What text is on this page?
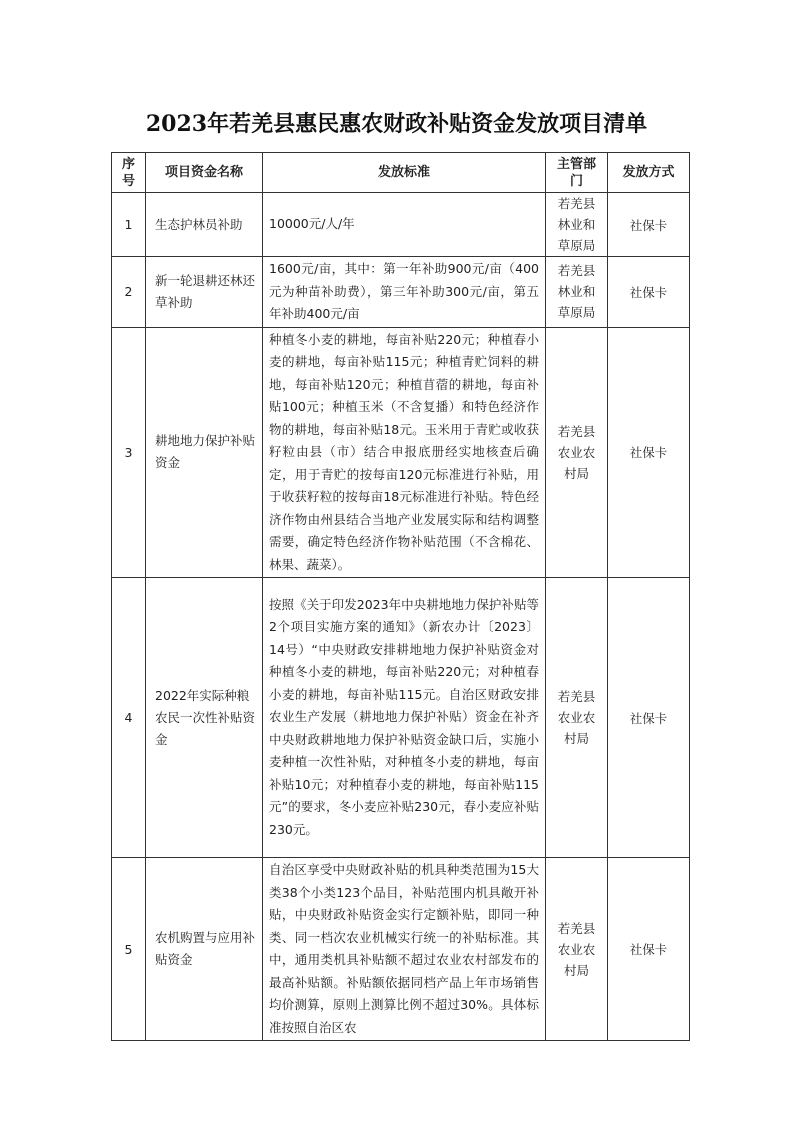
2023年若羌县惠民惠农财政补贴资金发放项目清单
序号	项目资金名称	发放标准	主管部门	发放方式
1	生态护林员补助	10000元/人/年	若羌县林业和草原局	社保卡
2	新一轮退耕还林还草补助	1600元/亩，其中：第一年补助900元/亩（400元为种苗补助费），第三年补助300元/亩，第五年补助400元/亩	若羌县林业和草原局	社保卡
3	耕地地力保护补贴资金	种植冬小麦的耕地，每亩补贴220元；种植春小麦的耕地，每亩补贴115元；种植青贮饲料的耕地，每亩补贴120元；种植苜蓿的耕地，每亩补贴100元；种植玉米（不含复播）和特色经济作物的耕地，每亩补贴18元。玉米用于青贮或收获籽粒由县（市）结合申报底册经实地核查后确定，用于青贮的按每亩120元标准进行补贴，用于收获籽粒的按每亩18元标准进行补贴。特色经济作物由州县结合当地产业发展实际和结构调整需要，确定特色经济作物补贴范围（不含棉花、林果、蔬菜）。	若羌县农业农村局	社保卡
4	2022年实际种粮农民一次性补贴资金	按照《关于印发2023年中央耕地地力保护补贴等2个项目实施方案的通知》（新农办计〔2023〕14号）“中央财政安排耕地地力保护补贴资金对种植冬小麦的耕地，每亩补贴220元；对种植春小麦的耕地，每亩补贴115元。自治区财政安排农业生产发展（耕地地力保护补贴）资金在补齐中央财政耕地地力保护补贴资金缺口后，实施小麦种植一次性补贴，对种植冬小麦的耕地，每亩补贴10元；对种植春小麦的耕地，每亩补贴115元”的要求，冬小麦应补贴230元，春小麦应补贴230元。	若羌县农业农村局	社保卡
5	农机购置与应用补贴资金	自治区享受中央财政补贴的机具种类范围为15大类38个小类123个品目，补贴范围内机具敞开补贴，中央财政补贴资金实行定额补贴，即同一种类、同一档次农业机械实行统一的补贴标准。其中，通用类机具补贴额不超过农业农村部发布的最高补贴额。补贴额依据同档产品上年市场销售均价测算，原则上测算比例不超过30%。具体标准按照自治区农	若羌县农业农村局	社保卡
